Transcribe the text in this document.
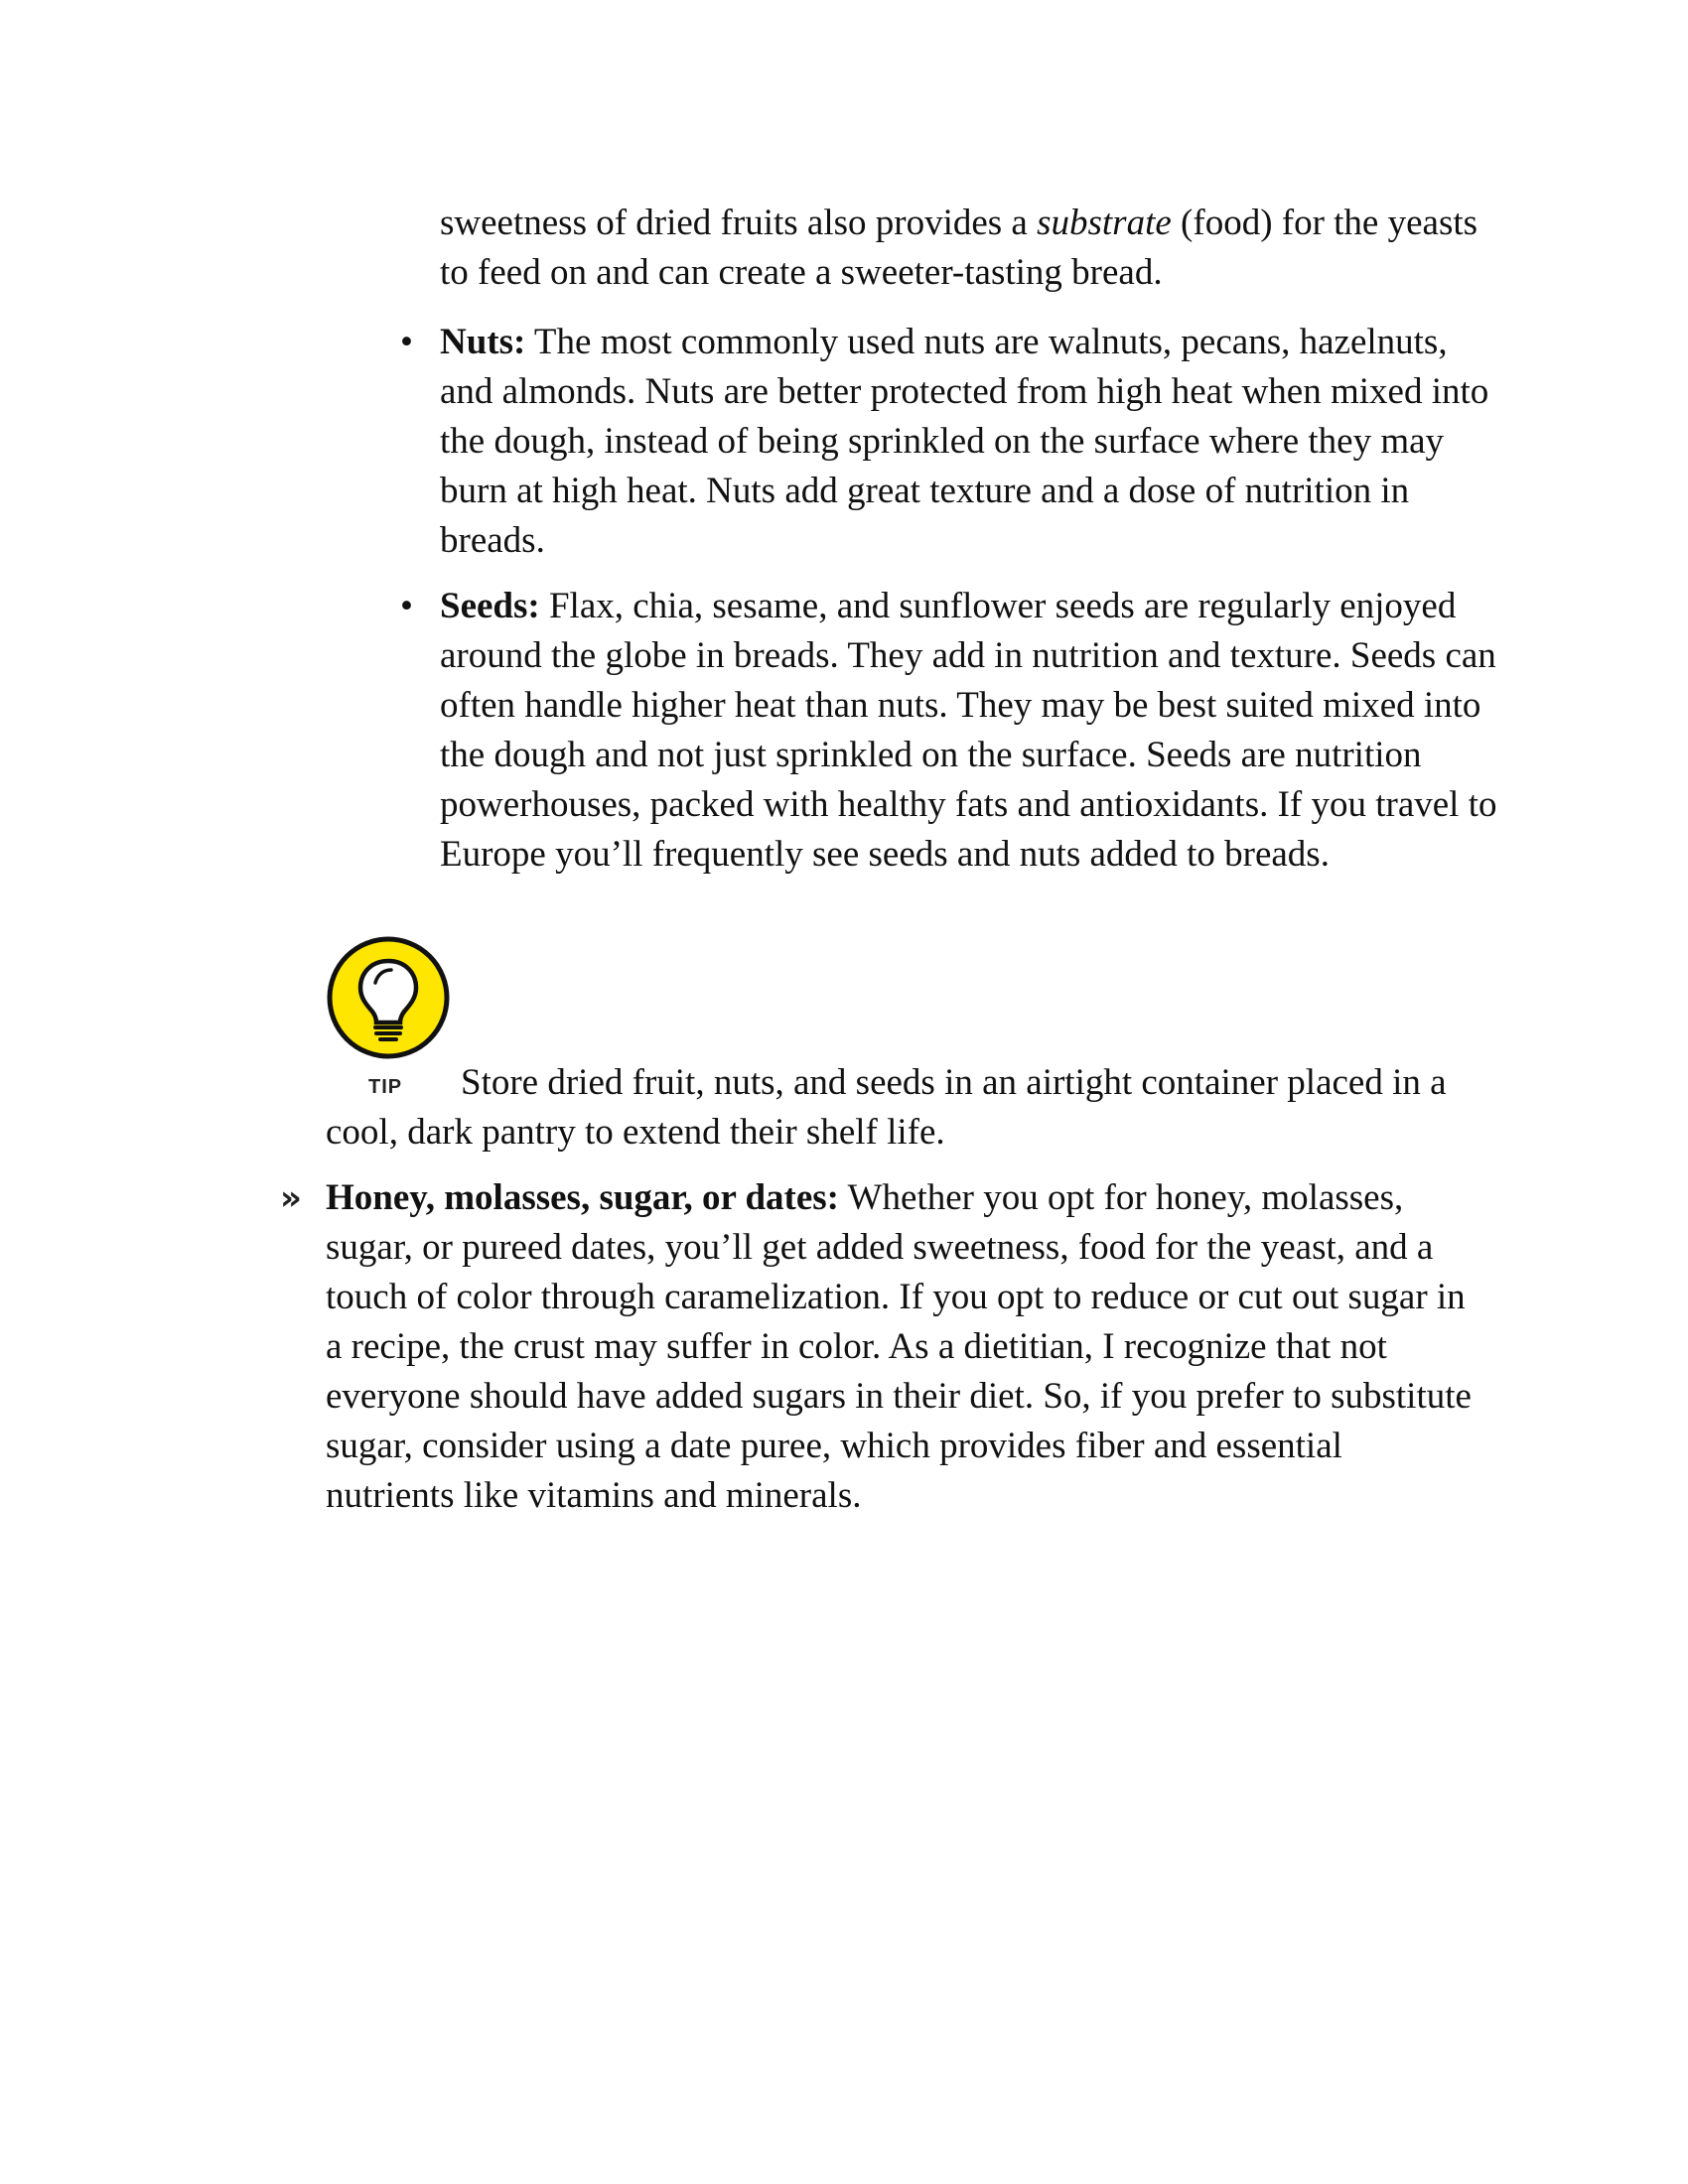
sweetness of dried fruits also provides a substrate (food) for the yeasts to feed on and can create a sweeter-tasting bread.

• Nuts: The most commonly used nuts are walnuts, pecans, hazelnuts, and almonds. Nuts are better protected from high heat when mixed into the dough, instead of being sprinkled on the surface where they may burn at high heat. Nuts add great texture and a dose of nutrition in breads.

• Seeds: Flax, chia, sesame, and sunflower seeds are regularly enjoyed around the globe in breads. They add in nutrition and texture. Seeds can often handle higher heat than nuts. They may be best suited mixed into the dough and not just sprinkled on the surface. Seeds are nutrition powerhouses, packed with healthy fats and antioxidants. If you travel to Europe you’ll frequently see seeds and nuts added to breads.

TIP	Store dried fruit, nuts, and seeds in an airtight container placed in a cool, dark pantry to extend their shelf life.

» Honey, molasses, sugar, or dates: Whether you opt for honey, molasses, sugar, or pureed dates, you’ll get added sweetness, food for the yeast, and a touch of color through caramelization. If you opt to reduce or cut out sugar in a recipe, the crust may suffer in color. As a dietitian, I recognize that not everyone should have added sugars in their diet. So, if you prefer to substitute sugar, consider using a date puree, which provides fiber and essential nutrients like vitamins and minerals.
